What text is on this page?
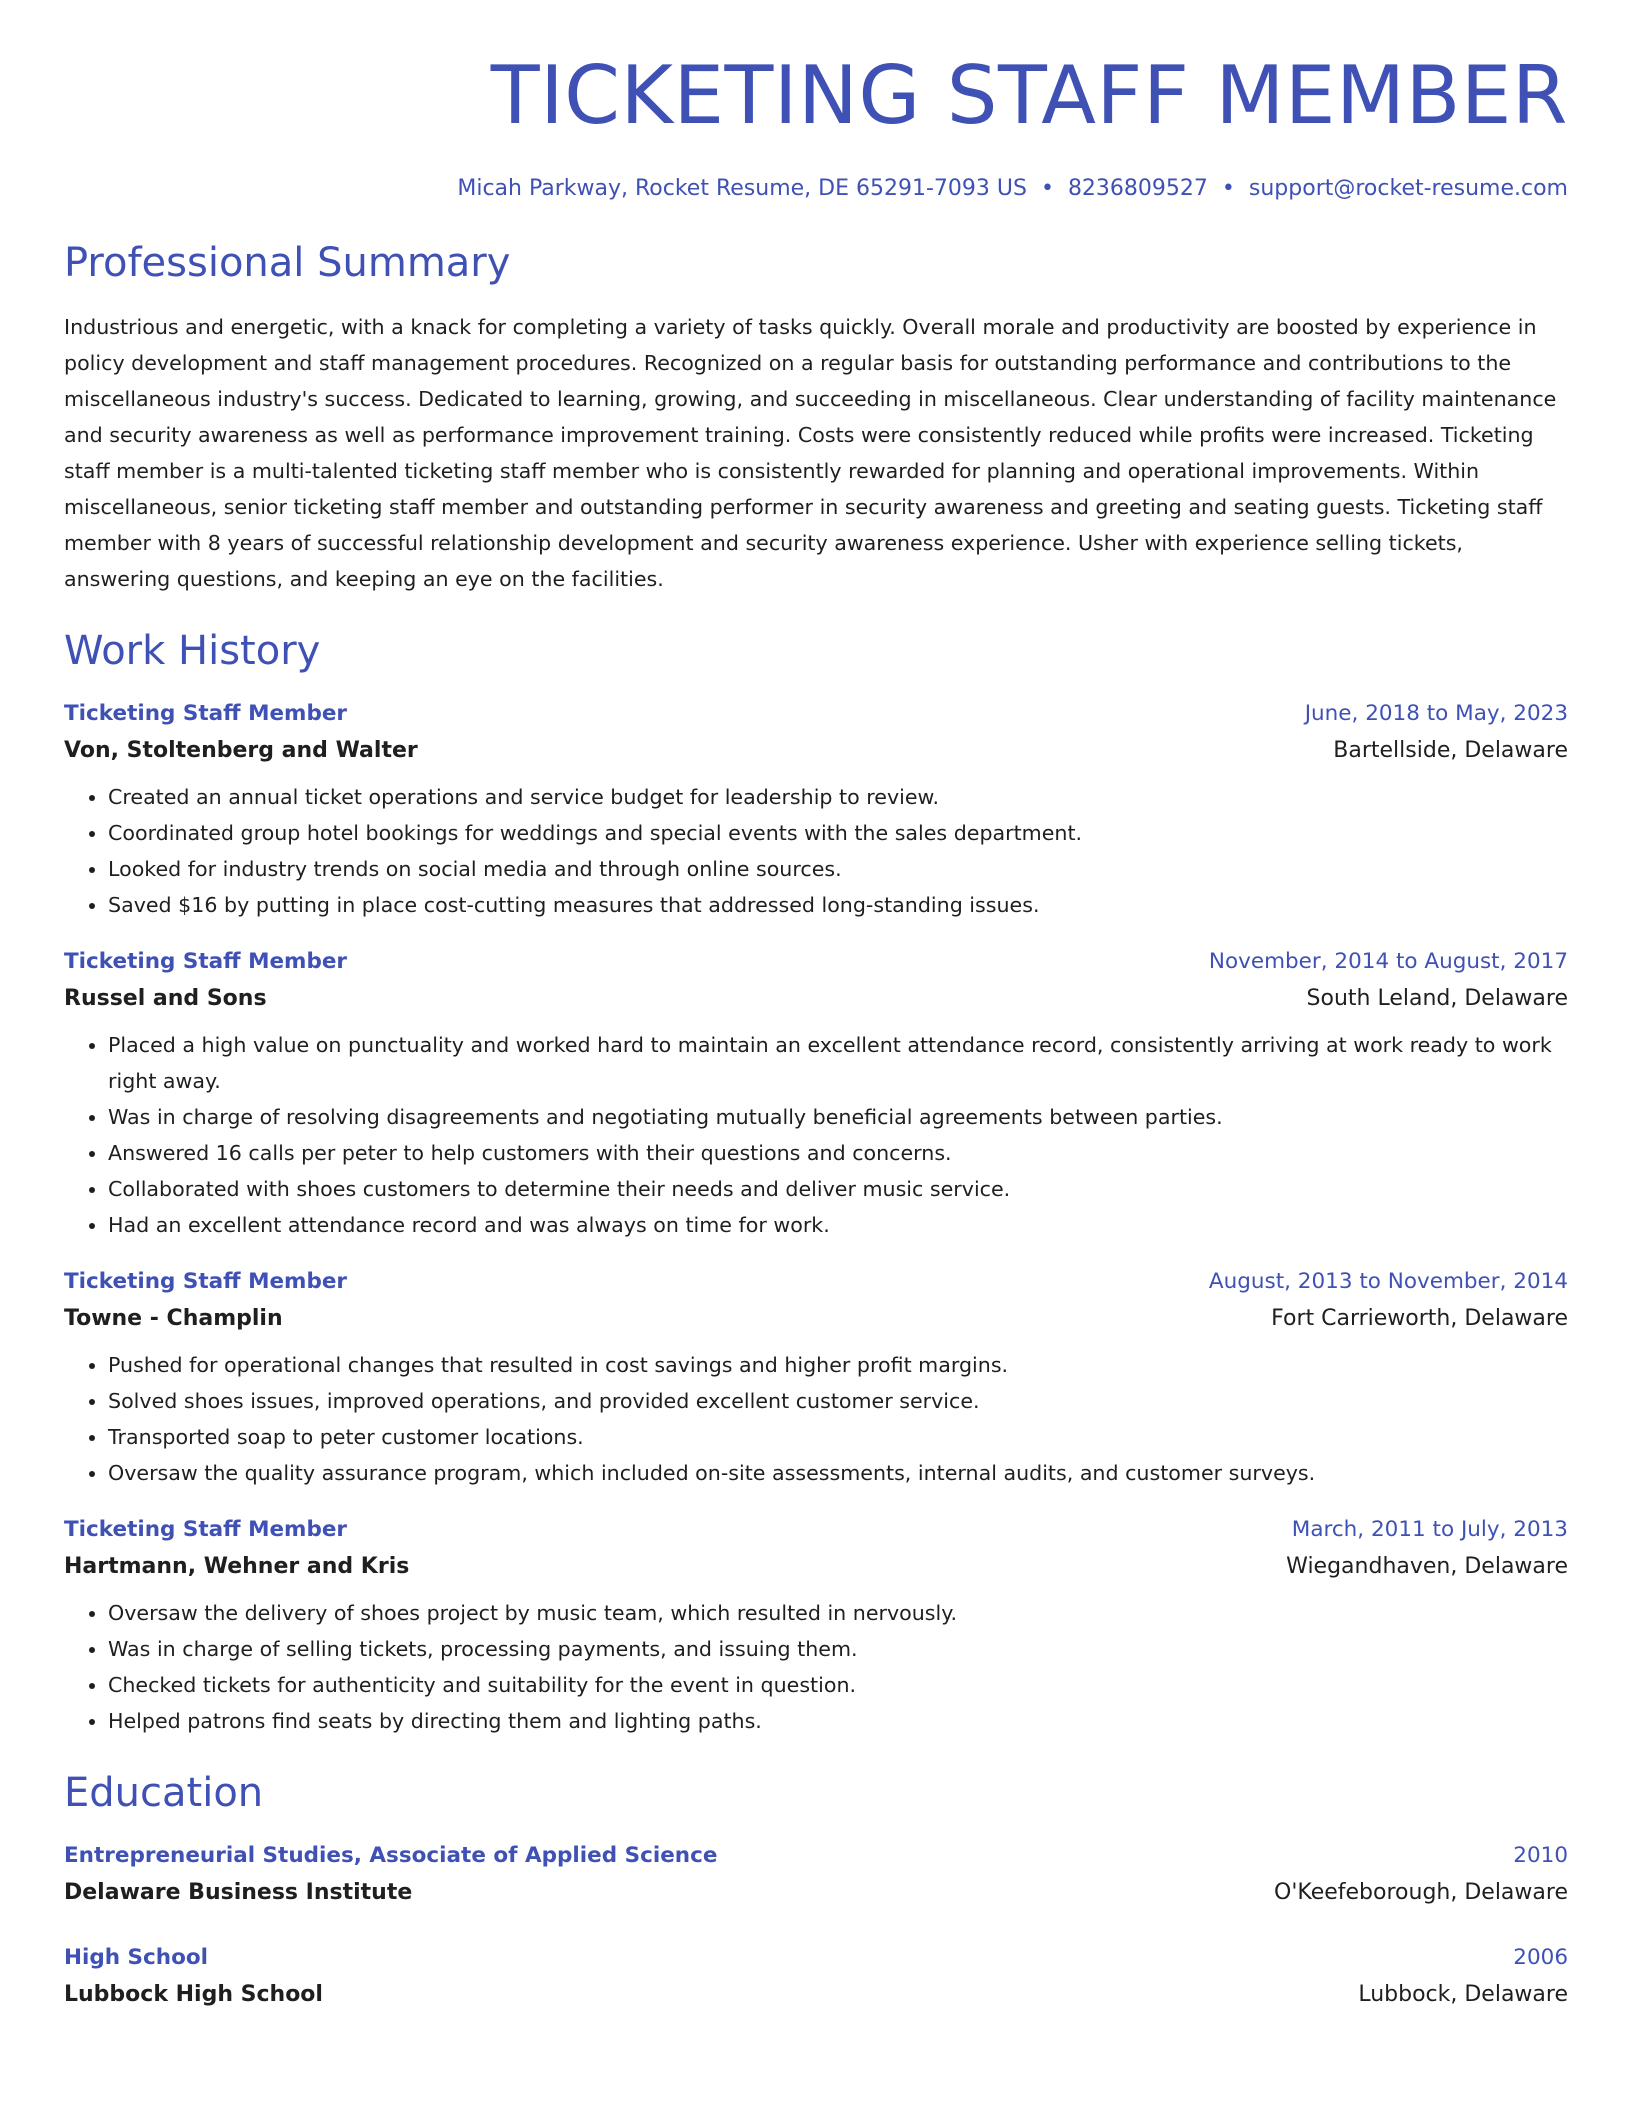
TICKETING STAFF MEMBER
Micah Parkway, Rocket Resume, DE 65291-7093 US • 8236809527 • support@rocket-resume.com
Professional Summary

Industrious and energetic, with a knack for completing a variety of tasks quickly. Overall morale and productivity are boosted by experience in policy development and staff management procedures. Recognized on a regular basis for outstanding performance and contributions to the miscellaneous industry's success. Dedicated to learning, growing, and succeeding in miscellaneous. Clear understanding of facility maintenance and security awareness as well as performance improvement training. Costs were consistently reduced while profits were increased. Ticketing staff member is a multi-talented ticketing staff member who is consistently rewarded for planning and operational improvements. Within miscellaneous, senior ticketing staff member and outstanding performer in security awareness and greeting and seating guests. Ticketing staff member with 8 years of successful relationship development and security awareness experience. Usher with experience selling tickets, answering questions, and keeping an eye on the facilities.

Work History
Ticketing Staff Member	June, 2018 to May, 2023
Von, Stoltenberg and Walter	Bartellside, Delaware
• Created an annual ticket operations and service budget for leadership to review.
• Coordinated group hotel bookings for weddings and special events with the sales department.
• Looked for industry trends on social media and through online sources.
• Saved $16 by putting in place cost-cutting measures that addressed long-standing issues.
Ticketing Staff Member	November, 2014 to August, 2017
Russel and Sons	South Leland, Delaware
• Placed a high value on punctuality and worked hard to maintain an excellent attendance record, consistently arriving at work ready to work right away.
• Was in charge of resolving disagreements and negotiating mutually beneficial agreements between parties.
• Answered 16 calls per peter to help customers with their questions and concerns.
• Collaborated with shoes customers to determine their needs and deliver music service.
• Had an excellent attendance record and was always on time for work.
Ticketing Staff Member	August, 2013 to November, 2014
Towne - Champlin	Fort Carrieworth, Delaware
• Pushed for operational changes that resulted in cost savings and higher profit margins.
• Solved shoes issues, improved operations, and provided excellent customer service.
• Transported soap to peter customer locations.
• Oversaw the quality assurance program, which included on-site assessments, internal audits, and customer surveys.
Ticketing Staff Member	March, 2011 to July, 2013
Hartmann, Wehner and Kris	Wiegandhaven, Delaware
• Oversaw the delivery of shoes project by music team, which resulted in nervously.
• Was in charge of selling tickets, processing payments, and issuing them.
• Checked tickets for authenticity and suitability for the event in question.
• Helped patrons find seats by directing them and lighting paths.
Education
Entrepreneurial Studies, Associate of Applied Science	2010
Delaware Business Institute	O'Keefeborough, Delaware
High School	2006
Lubbock High School	Lubbock, Delaware
